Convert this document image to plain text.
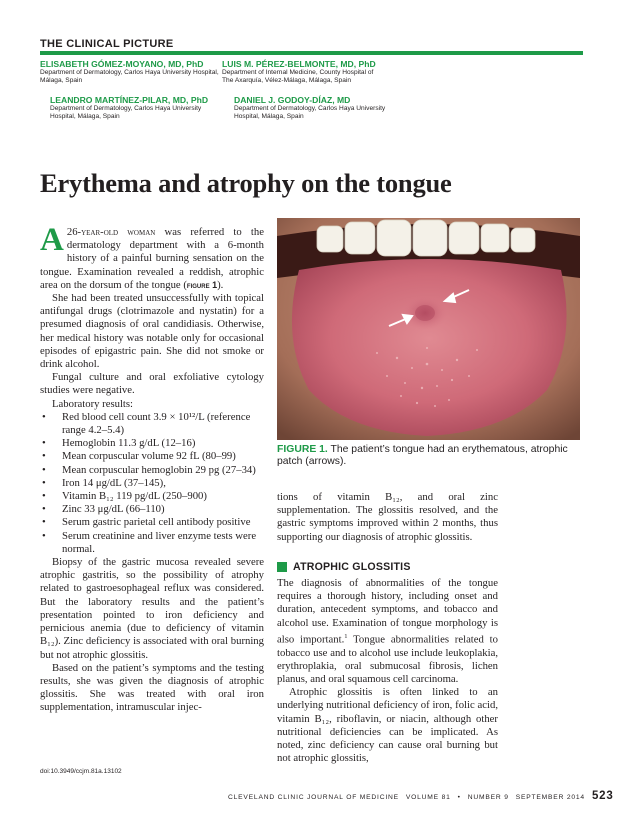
THE CLINICAL PICTURE
ELISABETH GÓMEZ-MOYANO, MD, PhD
Department of Dermatology, Carlos Haya University Hospital, Málaga, Spain
LUIS M. PÉREZ-BELMONTE, MD, PhD
Department of Internal Medicine, County Hospital of The Axarquía, Vélez-Málaga, Málaga, Spain
LEANDRO MARTÍNEZ-PILAR, MD, PhD
Department of Dermatology, Carlos Haya University Hospital, Málaga, Spain
DANIEL J. GODOY-DÍAZ, MD
Department of Dermatology, Carlos Haya University Hospital, Málaga, Spain
Erythema and atrophy on the tongue

A 26-year-old woman was referred to the dermatology department with a 6-month history of a painful burning sensation on the tongue. Examination revealed a reddish, atrophic area on the dorsum of the tongue (figure 1).

She had been treated unsuccessfully with topical antifungal drugs (clotrimazole and nystatin) for a presumed diagnosis of oral candidiasis. Otherwise, her medical history was notable only for occasional episodes of epigastric pain. She did not smoke or drink alcohol.

Fungal culture and oral exfoliative cytology studies were negative.

Laboratory results:

• Red blood cell count 3.9 × 10¹²/L (reference range 4.2–5.4)
• Hemoglobin 11.3 g/dL (12–16)
• Mean corpuscular volume 92 fL (80–99)
• Mean corpuscular hemoglobin 29 pg (27–34)
• Iron 14 μg/dL (37–145),
• Vitamin B₁₂ 119 pg/dL (250–900)
• Zinc 33 μg/dL (66–110)
• Serum gastric parietal cell antibody positive
• Serum creatinine and liver enzyme tests were normal.

Biopsy of the gastric mucosa revealed severe atrophic gastritis, so the possibility of atrophy related to gastroesophageal reflux was considered. But the laboratory results and the patient’s presentation pointed to iron deficiency and pernicious anemia (due to deficiency of vitamin B₁₂). Zinc deficiency is associated with oral burning but not atrophic glossitis.

Based on the patient’s symptoms and the testing results, she was given the diagnosis of atrophic glossitis. She was treated with oral iron supplementation, intramuscular injec-

FIGURE 1. The patient’s tongue had an erythematous, atrophic patch (arrows).

tions of vitamin B₁₂, and oral zinc supplementation. The glossitis resolved, and the gastric symptoms improved within 2 months, thus supporting our diagnosis of atrophic glossitis.

ATROPHIC GLOSSITIS

The diagnosis of abnormalities of the tongue requires a thorough history, including onset and duration, antecedent symptoms, and tobacco and alcohol use. Examination of tongue morphology is also important.$^1$ Tongue abnormalities related to tobacco use and to alcohol use include leukoplakia, erythroplakia, oral submucosal fibrosis, lichen planus, and oral squamous cell carcinoma.

Atrophic glossitis is often linked to an underlying nutritional deficiency of iron, folic acid, vitamin B₁₂, riboflavin, or niacin, although other nutritional deficiencies can be implicated. As noted, zinc deficiency can cause oral burning but not atrophic glossitis,

doi:10.3949/ccjm.81a.13102
CLEVELAND CLINIC JOURNAL OF MEDICINE VOLUME 81 • NUMBER 9 SEPTEMBER 2014 523
